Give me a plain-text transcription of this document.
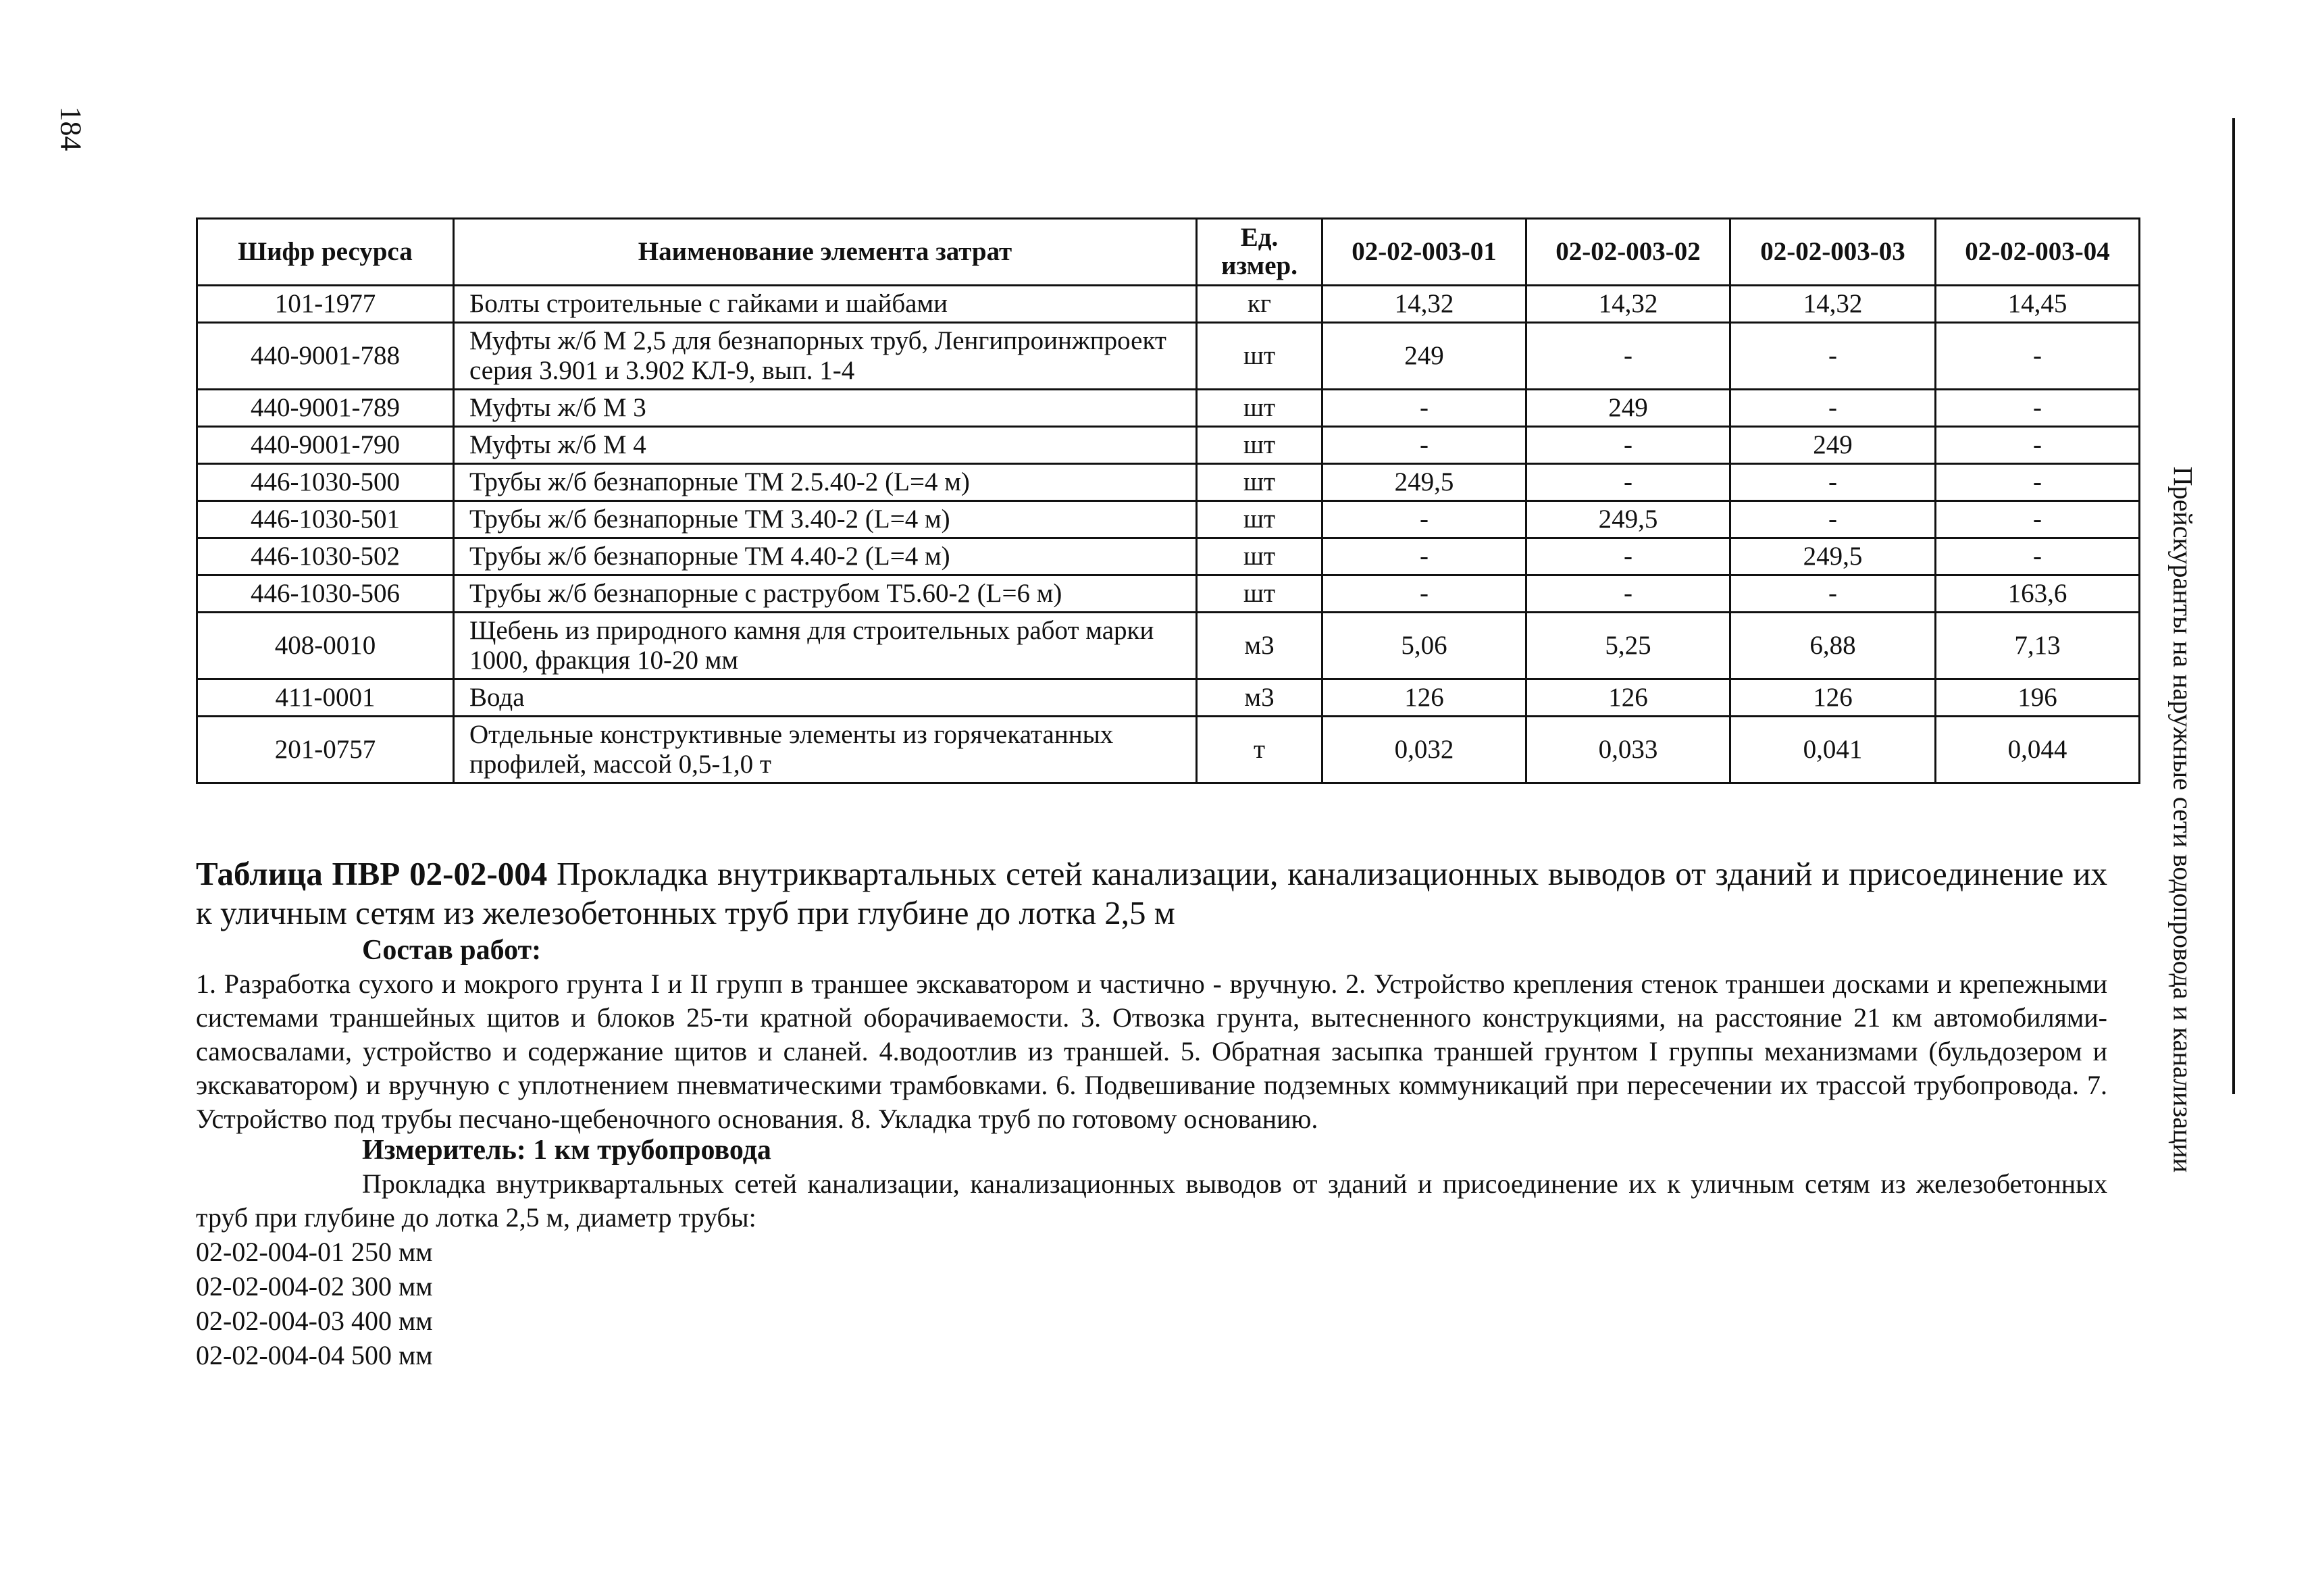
184
Прейскуранты на наружные сети водопровода и канализации
Шифр ресурса	Наименование элемента затрат	Ед. измер.	02-02-003-01	02-02-003-02	02-02-003-03	02-02-003-04
101-1977	Болты строительные с гайками и шайбами	кг	14,32	14,32	14,32	14,45
440-9001-788	Муфты ж/б М 2,5 для безнапорных труб, Ленгипроинжпроект серия 3.901 и 3.902 КЛ-9, вып. 1-4	шт	249	-	-	-
440-9001-789	Муфты ж/б М 3	шт	-	249	-	-
440-9001-790	Муфты ж/б М 4	шт	-	-	249	-
446-1030-500	Трубы ж/б безнапорные ТМ 2.5.40-2 (L=4 м)	шт	249,5	-	-	-
446-1030-501	Трубы ж/б безнапорные ТМ 3.40-2 (L=4 м)	шт	-	249,5	-	-
446-1030-502	Трубы ж/б безнапорные ТМ 4.40-2 (L=4 м)	шт	-	-	249,5	-
446-1030-506	Трубы ж/б безнапорные с раструбом Т5.60-2 (L=6 м)	шт	-	-	-	163,6
408-0010	Щебень из природного камня для строительных работ марки 1000, фракция 10-20 мм	м3	5,06	5,25	6,88	7,13
411-0001	Вода	м3	126	126	126	196
201-0757	Отдельные конструктивные элементы из горячекатанных профилей, массой 0,5-1,0 т	т	0,032	0,033	0,041	0,044
Таблица ПВР 02-02-004 Прокладка внутриквартальных сетей канализации, канализационных выводов от зданий и присоединение их к уличным сетям из железобетонных труб при глубине до лотка 2,5 м
Состав работ:
1. Разработка сухого и мокрого грунта I и II групп в траншее экскаватором и частично - вручную. 2. Устройство крепления стенок траншеи досками и крепежными системами траншейных щитов и блоков 25-ти кратной оборачиваемости. 3. Отвозка грунта, вытесненного конструкциями, на расстояние 21 км автомобилями-самосвалами, устройство и содержание щитов и сланей. 4.водоотлив из траншей. 5. Обратная засыпка траншей грунтом I группы механизмами (бульдозером и экскаватором) и вручную с уплотнением пневматическими трамбовками. 6. Подвешивание подземных коммуникаций при пересечении их трассой трубопровода. 7. Устройство под трубы песчано-щебеночного основания. 8. Укладка труб по готовому основанию.
Измеритель: 1 км трубопровода
Прокладка внутриквартальных сетей канализации, канализационных выводов от зданий и присоединение их к уличным сетям из железобетонных труб при глубине до лотка 2,5 м, диаметр трубы:
02-02-004-01 250 мм
02-02-004-02 300 мм
02-02-004-03 400 мм
02-02-004-04 500 мм
